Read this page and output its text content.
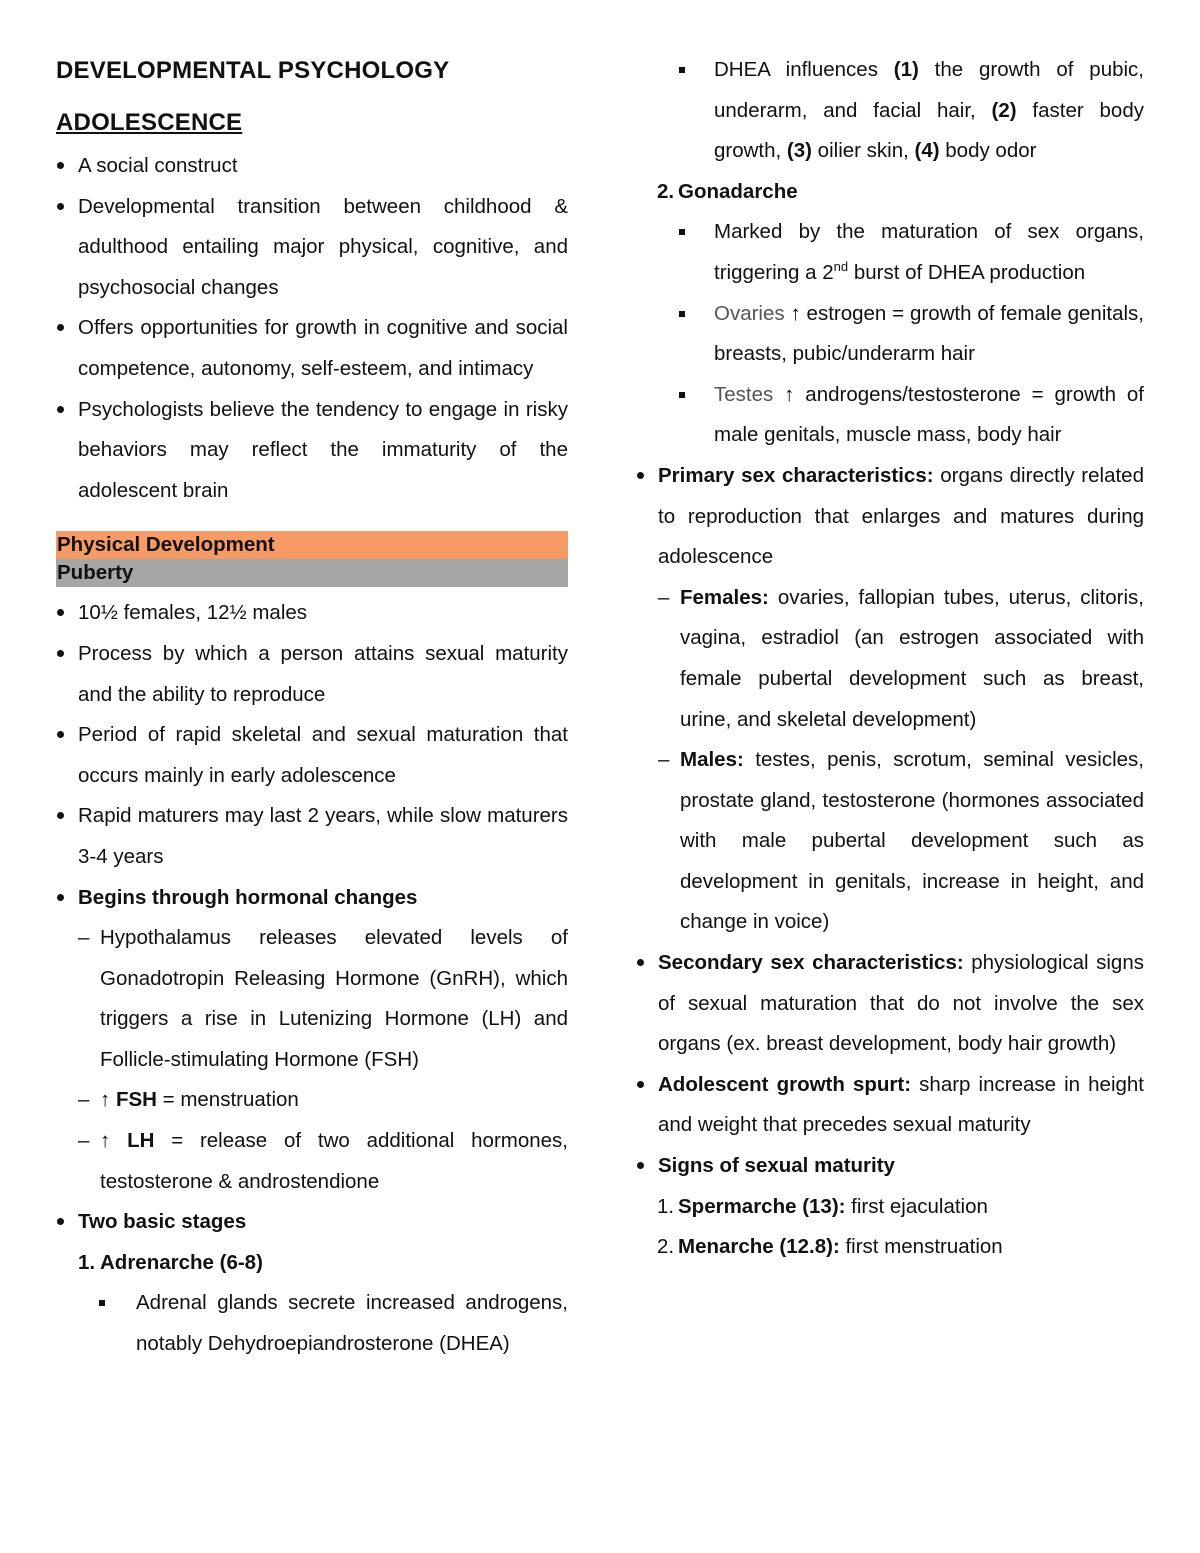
DEVELOPMENTAL PSYCHOLOGY
ADOLESCENCE
A social construct
Developmental transition between childhood & adulthood entailing major physical, cognitive, and psychosocial changes
Offers opportunities for growth in cognitive and social competence, autonomy, self-esteem, and intimacy
Psychologists believe the tendency to engage in risky behaviors may reflect the immaturity of the adolescent brain
Physical Development
Puberty
10½ females, 12½ males
Process by which a person attains sexual maturity and the ability to reproduce
Period of rapid skeletal and sexual maturation that occurs mainly in early adolescence
Rapid maturers may last 2 years, while slow maturers 3-4 years
Begins through hormonal changes
– Hypothalamus releases elevated levels of Gonadotropin Releasing Hormone (GnRH), which triggers a rise in Lutenizing Hormone (LH) and Follicle-stimulating Hormone (FSH)
– ↑ FSH = menstruation
– ↑ LH = release of two additional hormones, testosterone & androstendione
Two basic stages
1. Adrenarche (6-8)
Adrenal glands secrete increased androgens, notably Dehydroepiandrosterone (DHEA)
DHEA influences (1) the growth of pubic, underarm, and facial hair, (2) faster body growth, (3) oilier skin, (4) body odor
2. Gonadarche
Marked by the maturation of sex organs, triggering a 2nd burst of DHEA production
Ovaries ↑ estrogen = growth of female genitals, breasts, pubic/underarm hair
Testes ↑ androgens/testosterone = growth of male genitals, muscle mass, body hair
Primary sex characteristics: organs directly related to reproduction that enlarges and matures during adolescence
– Females: ovaries, fallopian tubes, uterus, clitoris, vagina, estradiol (an estrogen associated with female pubertal development such as breast, urine, and skeletal development)
– Males: testes, penis, scrotum, seminal vesicles, prostate gland, testosterone (hormones associated with male pubertal development such as development in genitals, increase in height, and change in voice)
Secondary sex characteristics: physiological signs of sexual maturation that do not involve the sex organs (ex. breast development, body hair growth)
Adolescent growth spurt: sharp increase in height and weight that precedes sexual maturity
Signs of sexual maturity
1. Spermarche (13): first ejaculation
2. Menarche (12.8): first menstruation
